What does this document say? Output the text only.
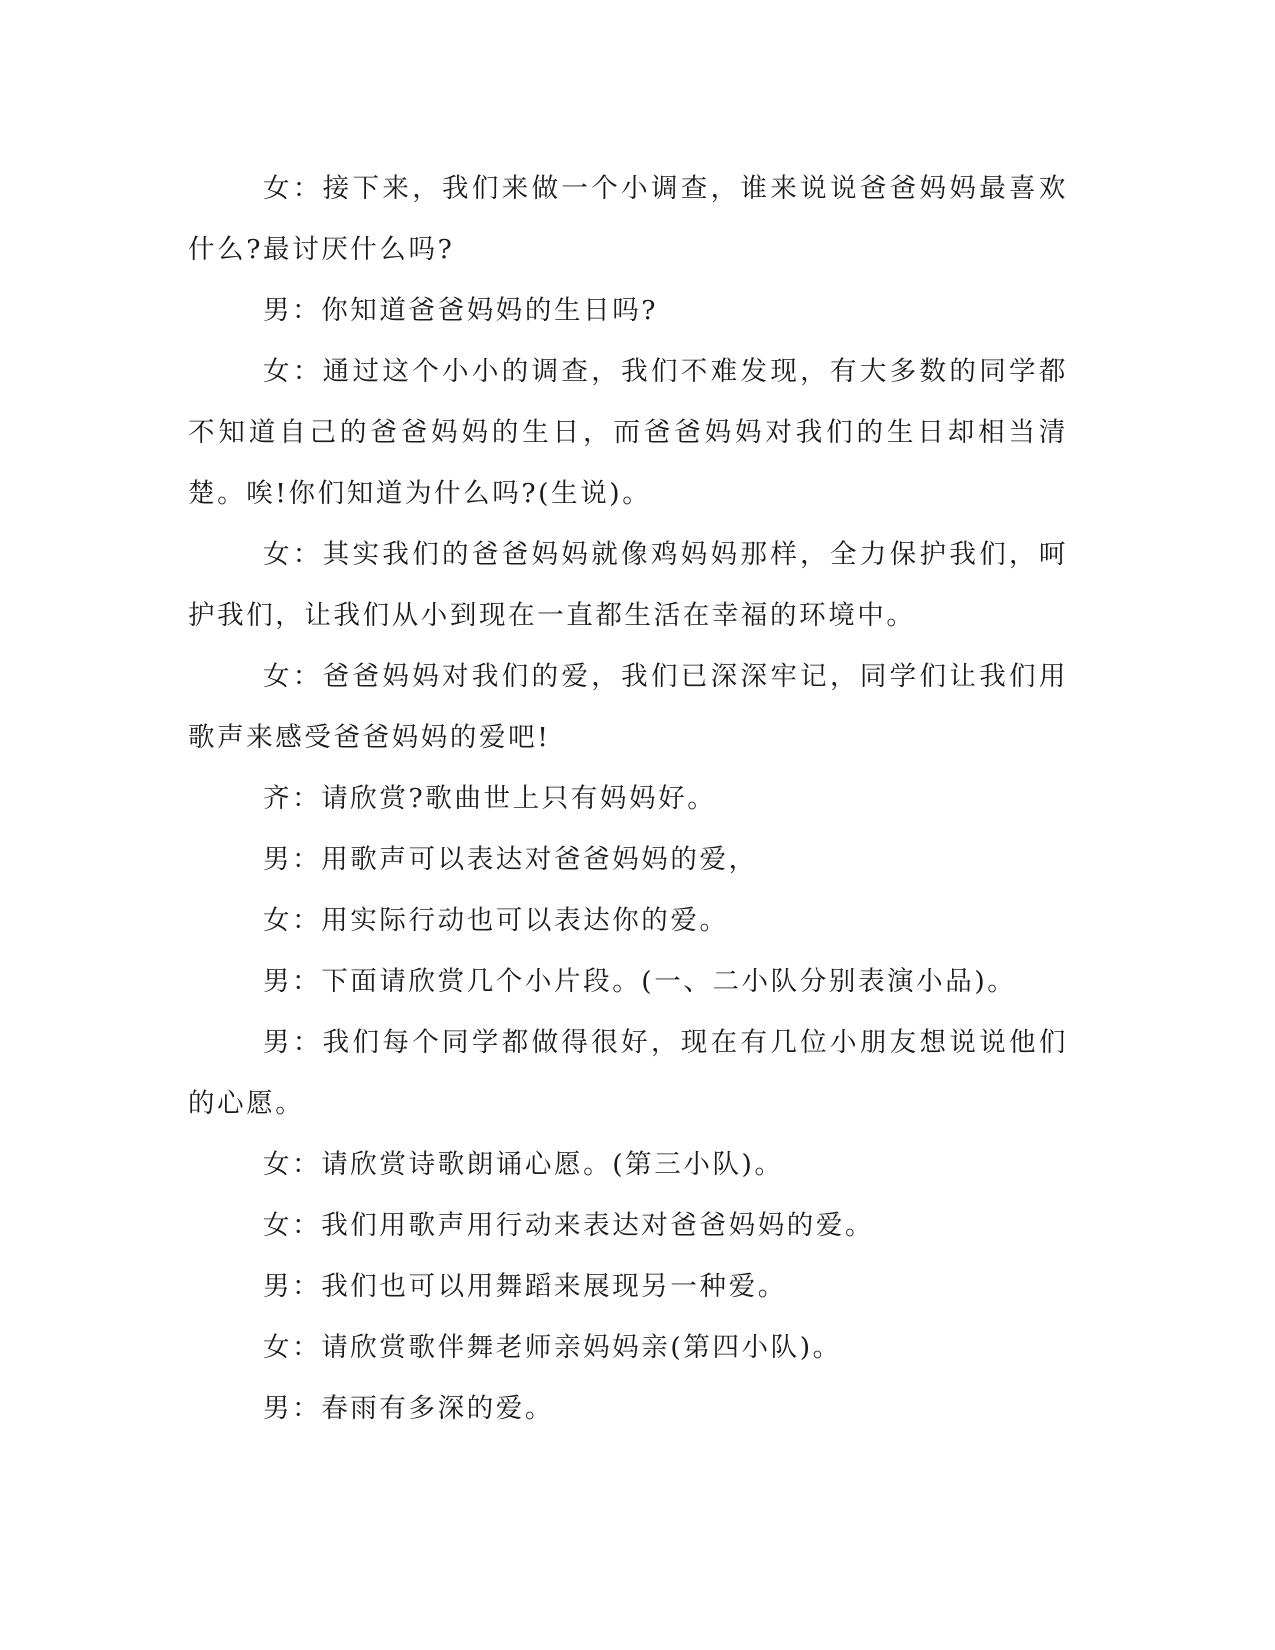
女：接下来，我们来做一个小调查，谁来说说爸爸妈妈最喜欢什么?最讨厌什么吗?

男：你知道爸爸妈妈的生日吗?

女：通过这个小小的调查，我们不难发现，有大多数的同学都不知道自己的爸爸妈妈的生日，而爸爸妈妈对我们的生日却相当清楚。唉!你们知道为什么吗?(生说)。

女：其实我们的爸爸妈妈就像鸡妈妈那样，全力保护我们，呵护我们，让我们从小到现在一直都生活在幸福的环境中。

女：爸爸妈妈对我们的爱，我们已深深牢记，同学们让我们用歌声来感受爸爸妈妈的爱吧!

齐：请欣赏?歌曲世上只有妈妈好。

男：用歌声可以表达对爸爸妈妈的爱，

女：用实际行动也可以表达你的爱。

男：下面请欣赏几个小片段。(一、二小队分别表演小品)。

男：我们每个同学都做得很好，现在有几位小朋友想说说他们的心愿。

女：请欣赏诗歌朗诵心愿。(第三小队)。

女：我们用歌声用行动来表达对爸爸妈妈的爱。

男：我们也可以用舞蹈来展现另一种爱。

女：请欣赏歌伴舞老师亲妈妈亲(第四小队)。

男：春雨有多深的爱。
